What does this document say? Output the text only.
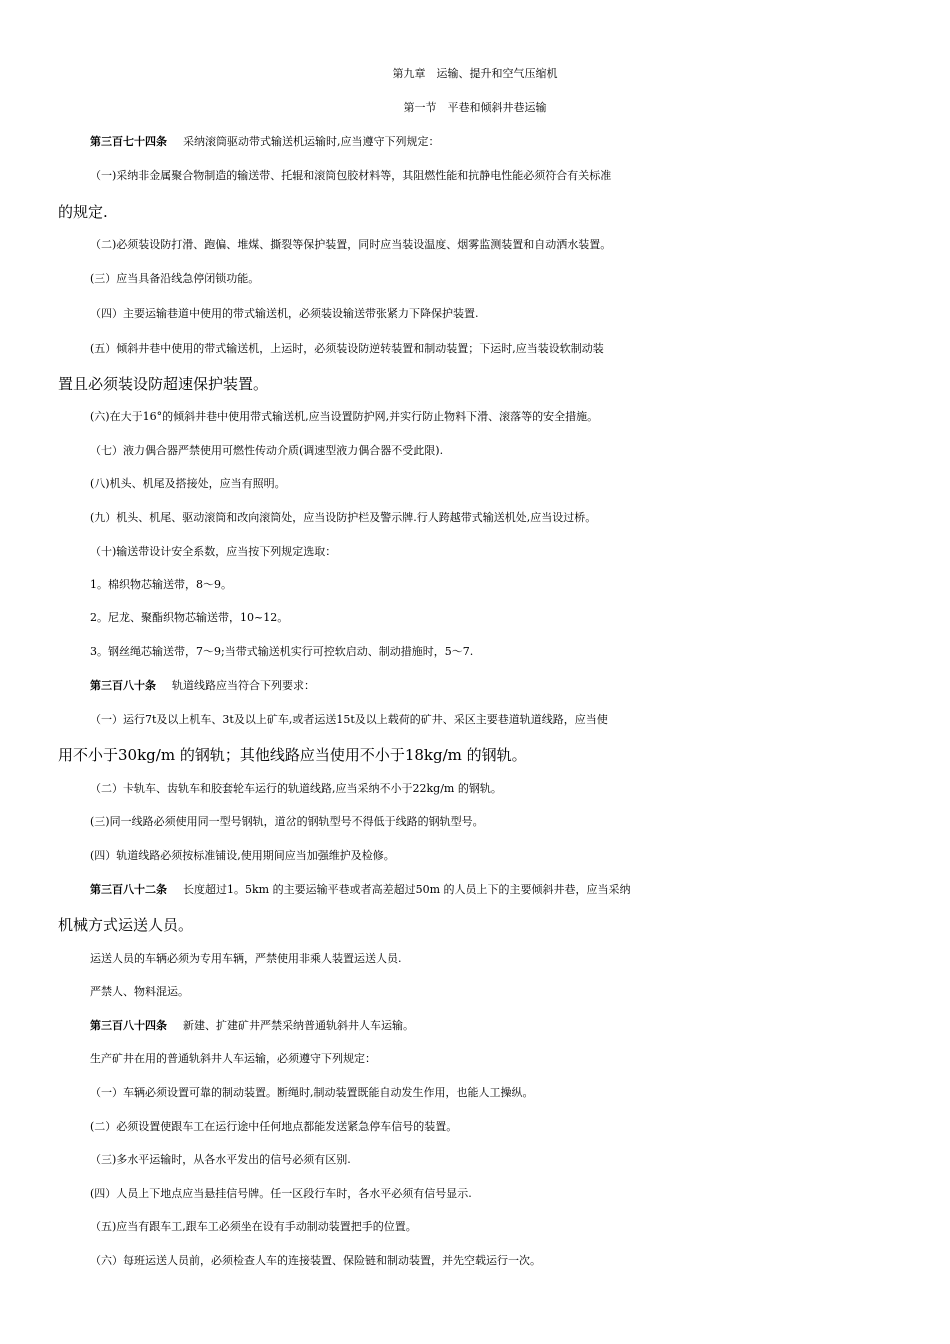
第九章　运输、提升和空气压缩机
第一节　平巷和倾斜井巷运输
第三百七十四条 采纳滚筒驱动带式输送机运输时,应当遵守下列规定：
（一)采纳非金属聚合物制造的输送带、托辊和滚筒包胶材料等，其阻燃性能和抗静电性能必须符合有关标准
的规定.
（二)必须装设防打滑、跑偏、堆煤、撕裂等保护装置，同时应当装设温度、烟雾监测装置和自动洒水装置。
(三）应当具备沿线急停闭锁功能。
（四）主要运输巷道中使用的带式输送机，必须装设输送带张紧力下降保护装置.
(五）倾斜井巷中使用的带式输送机，上运时，必须装设防逆转装置和制动装置；下运时,应当装设软制动装
置且必须装设防超速保护装置。
(六)在大于16°的倾斜井巷中使用带式输送机,应当设置防护网,并实行防止物料下滑、滚落等的安全措施。
（七）液力偶合器严禁使用可燃性传动介质(调速型液力偶合器不受此限).
(八)机头、机尾及搭接处，应当有照明。
(九）机头、机尾、驱动滚筒和改向滚筒处，应当设防护栏及警示牌.行人跨越带式输送机处,应当设过桥。
（十)输送带设计安全系数，应当按下列规定选取：
1。棉织物芯输送带，8～9。
2。尼龙、聚酯织物芯输送带，10~12。
3。钢丝绳芯输送带，7～9;当带式输送机实行可控软启动、制动措施时，5～7.
第三百八十条 轨道线路应当符合下列要求：
（一）运行7t及以上机车、3t及以上矿车,或者运送15t及以上载荷的矿井、采区主要巷道轨道线路，应当使
用不小于30kg/m 的钢轨；其他线路应当使用不小于18kg/m 的钢轨。
（二）卡轨车、齿轨车和胶套轮车运行的轨道线路,应当采纳不小于22kg/m 的钢轨。
(三)同一线路必须使用同一型号钢轨，道岔的钢轨型号不得低于线路的钢轨型号。
(四）轨道线路必须按标准铺设,使用期间应当加强维护及检修。
第三百八十二条 长度超过1。5km 的主要运输平巷或者高差超过50m 的人员上下的主要倾斜井巷，应当采纳
机械方式运送人员。
运送人员的车辆必须为专用车辆，严禁使用非乘人装置运送人员.
严禁人、物料混运。
第三百八十四条 新建、扩建矿井严禁采纳普通轨斜井人车运输。
生产矿井在用的普通轨斜井人车运输，必须遵守下列规定：
（一）车辆必须设置可靠的制动装置。断绳时,制动装置既能自动发生作用，也能人工操纵。
(二）必须设置使跟车工在运行途中任何地点都能发送紧急停车信号的装置。
（三)多水平运输时，从各水平发出的信号必须有区别.
(四）人员上下地点应当悬挂信号牌。任一区段行车时，各水平必须有信号显示.
（五)应当有跟车工,跟车工必须坐在设有手动制动装置把手的位置。
（六）每班运送人员前，必须检查人车的连接装置、保险链和制动装置，并先空载运行一次。
